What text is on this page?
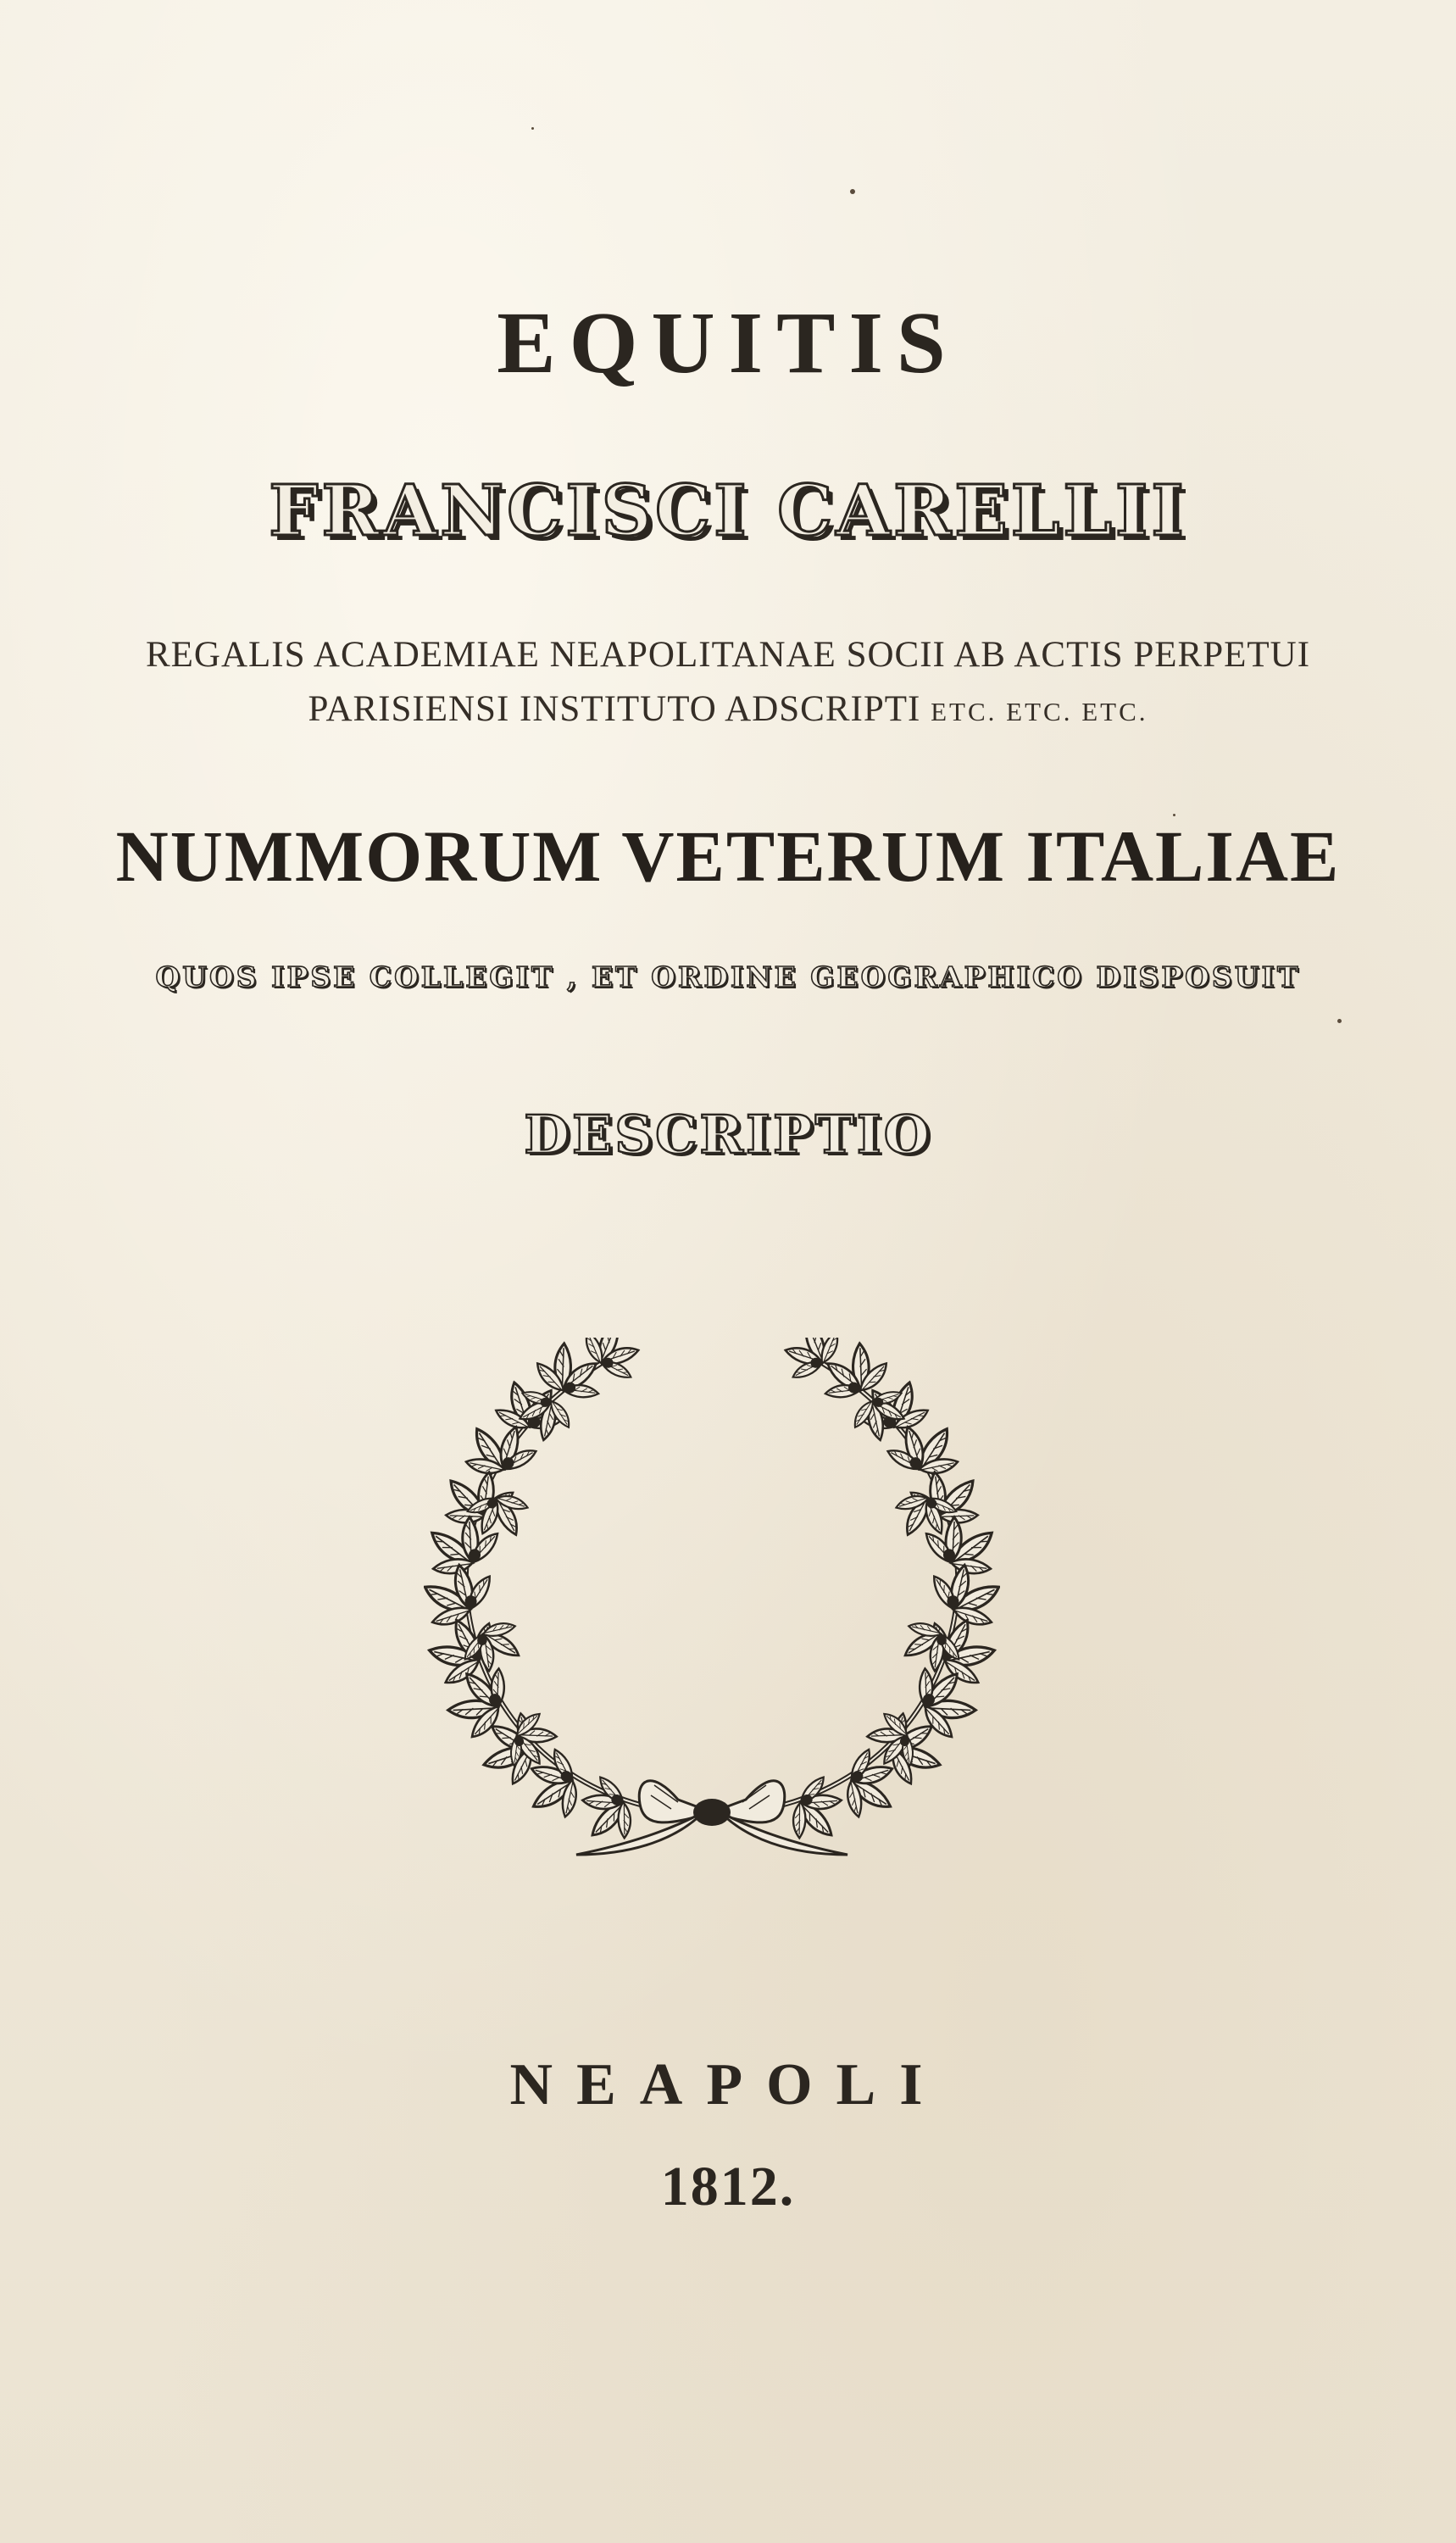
EQUITIS
FRANCISCI CARELLII
REGALIS ACADEMIAE NEAPOLITANAE SOCII AB ACTIS PERPETUI
PARISIENSI INSTITUTO ADSCRIPTI ETC. ETC. ETC.
NUMMORUM VETERUM ITALIAE
QUOS IPSE COLLEGIT , ET ORDINE GEOGRAPHICO DISPOSUIT
DESCRIPTIO
NEAPOLI
1812.
